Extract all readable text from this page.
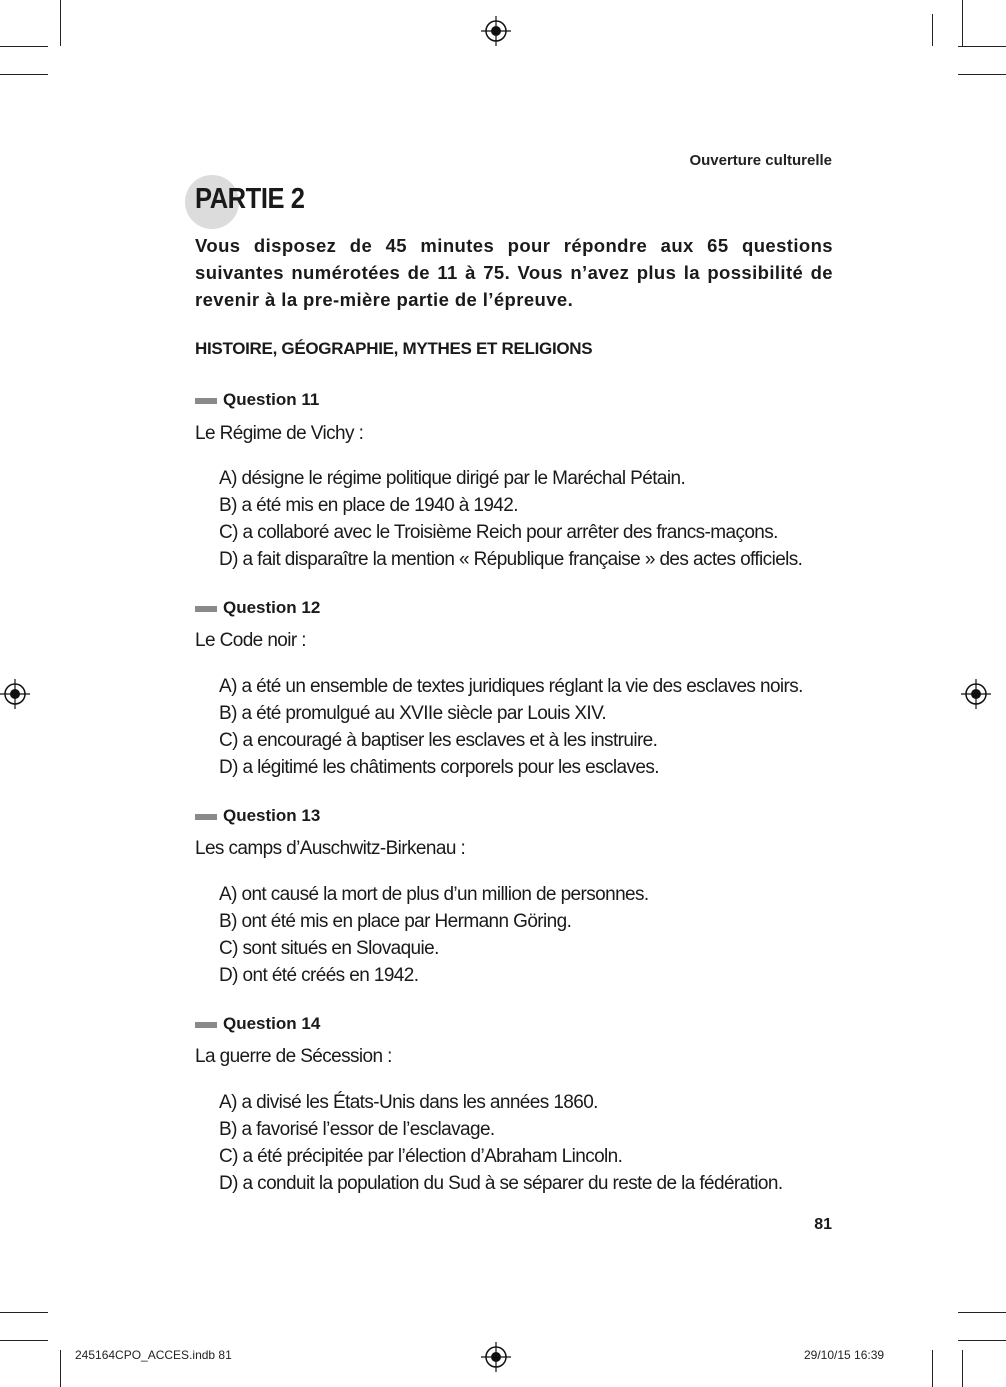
Ouverture culturelle
PARTIE 2
Vous disposez de 45 minutes pour répondre aux 65 questions suivantes numérotées de 11 à 75. Vous n’avez plus la possibilité de revenir à la pre-mière partie de l’épreuve.
HISTOIRE, GÉOGRAPHIE, MYTHES ET RELIGIONS
Question 11
Le Régime de Vichy :
A) désigne le régime politique dirigé par le Maréchal Pétain.
B) a été mis en place de 1940 à 1942.
C) a collaboré avec le Troisième Reich pour arrêter des francs-maçons.
D) a fait disparaître la mention « République française » des actes officiels.
Question 12
Le Code noir :
A) a été un ensemble de textes juridiques réglant la vie des esclaves noirs.
B) a été promulgué au XVIIe siècle par Louis XIV.
C) a encouragé à baptiser les esclaves et à les instruire.
D) a légitimé les châtiments corporels pour les esclaves.
Question 13
Les camps d’Auschwitz-Birkenau :
A) ont causé la mort de plus d’un million de personnes.
B) ont été mis en place par Hermann Göring.
C) sont situés en Slovaquie.
D) ont été créés en 1942.
Question 14
La guerre de Sécession :
A) a divisé les États-Unis dans les années 1860.
B) a favorisé l’essor de l’esclavage.
C) a été précipitée par l’élection d’Abraham Lincoln.
D) a conduit la population du Sud à se séparer du reste de la fédération.
81
245164CPO_ACCES.indb 81	29/10/15 16:39
